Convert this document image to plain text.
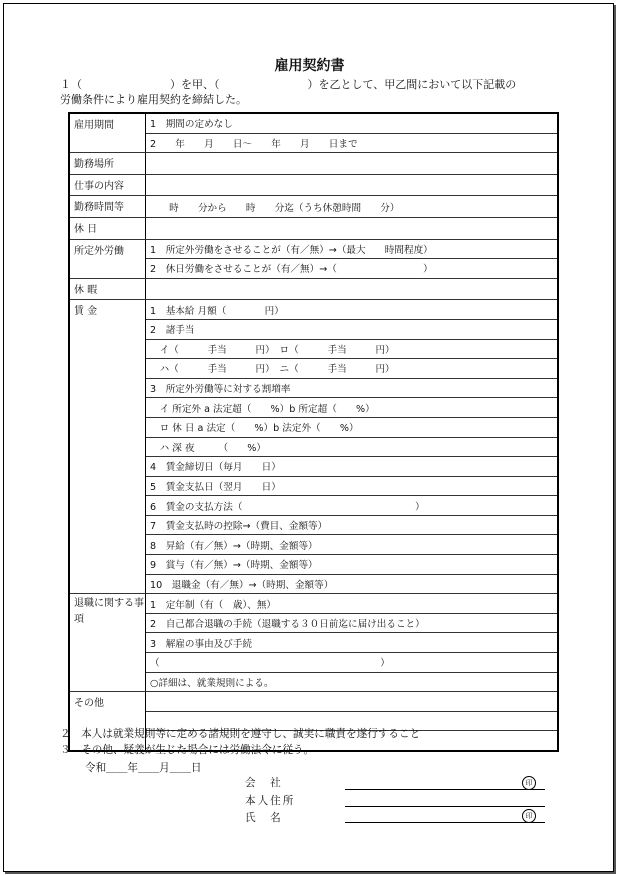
雇用契約書
１（　　　　　　　　）を甲、（　　　　　　　　）を乙として、甲乙間において以下記載の
労働条件により雇用契約を締結した。
雇用期間	1　期間の定めなし
	2　　年　　月　　日～　　年　　月　　日まで
勤務場所	
仕事の内容	
勤務時間等	　　時　　分から　　時　　分迄（うち休憩時間　　分）
休 日	
所定外労働	1　所定外労働をさせることが（有／無）→（最大　　時間程度）
	2　休日労働をさせることが（有／無）→（　　　　　　　　　）
休 暇	
賃 金	1　基本給 月額（　　　　円）
	2　諸手当
	　イ（　　　手当　　　円）　ロ（　　　手当　　　円）
	　ハ（　　　手当　　　円）　ニ（　　　手当　　　円）
	3　所定外労働等に対する割増率
	　イ 所定外 a 法定超（　　%）b 所定超（　　%）
	　ロ 休 日 a 法定（　　%）b 法定外（　　%）
	　ハ 深 夜　　　（　　%）
	4　賃金締切日（毎月　　日）
	5　賃金支払日（翌月　　日）
	6　賃金の支払方法（　　　　　　　　　　　　　　　　　　）
	7　賃金支払時の控除→（費目、金額等）
	8　昇給（有／無）→（時期、金額等）
	9　賞与（有／無）→（時期、金額等）
	10　退職金（有／無）→（時期、金額等）
退職に関する事項	1　定年制（有（　歳）、無）
	2　自己都合退職の手続（退職する３０日前迄に届け出ること）
	3　解雇の事由及び手続
	（　　　　　　　　　　　　　　　　　　　　　　　）
	○詳細は、就業規則による。
その他	

２　本人は就業規則等に定める諸規則を遵守し、誠実に職責を遂行すること
３　その他、疑義が生じた場合には労働法令に従う。
令和＿＿年＿＿月＿＿日
会　社	印
本人住所
氏　名	印
